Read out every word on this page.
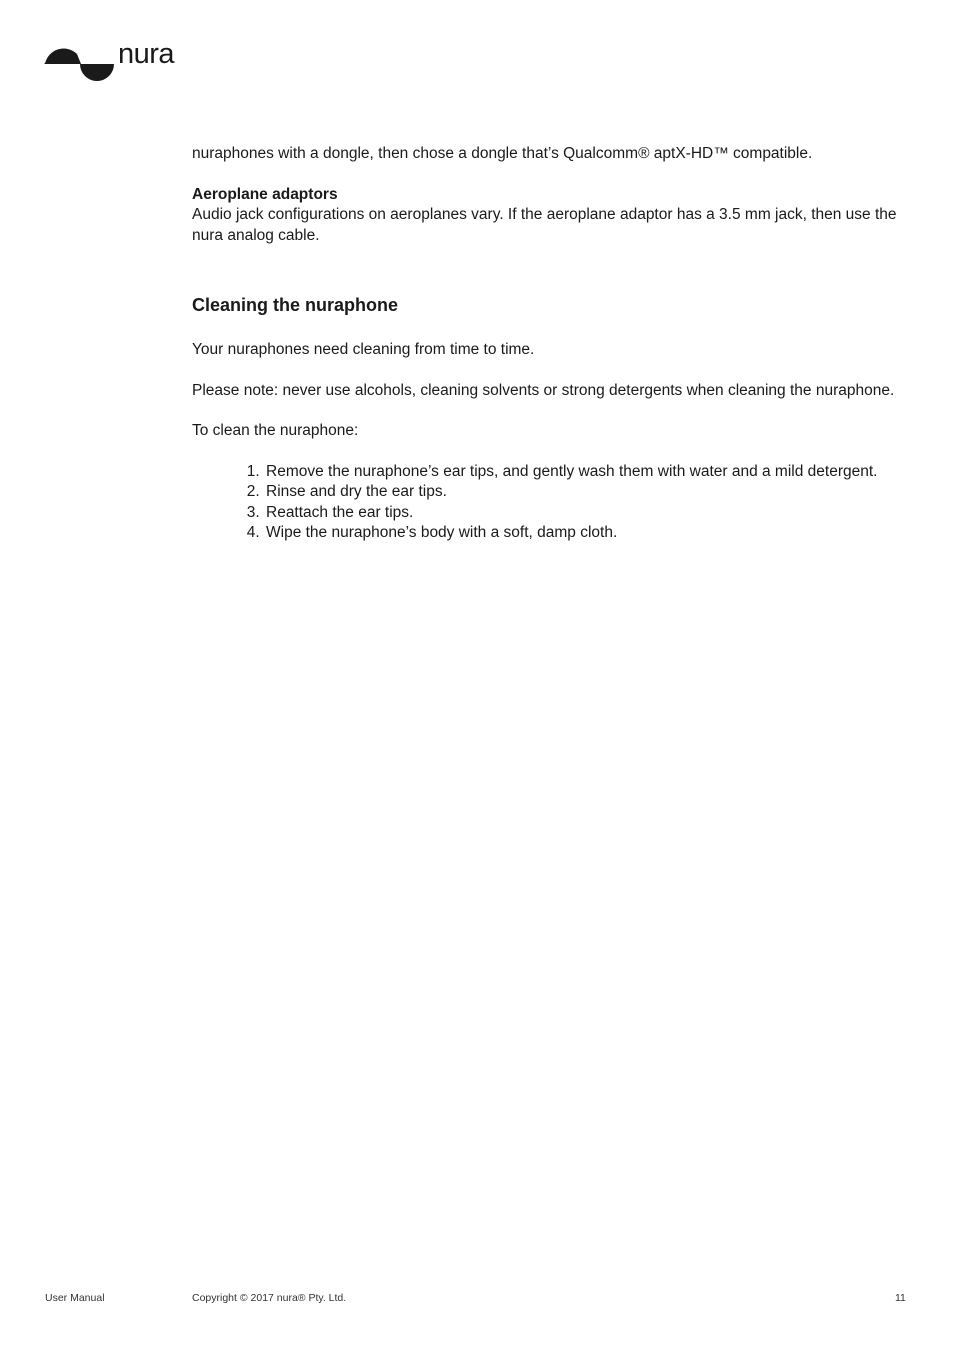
nura

nuraphones with a dongle, then chose a dongle that’s Qualcomm® aptX-HD™ compatible.

Aeroplane adaptors

Audio jack configurations on aeroplanes vary. If the aeroplane adaptor has a 3.5 mm jack, then use the nura analog cable.

Cleaning the nuraphone

Your nuraphones need cleaning from time to time.

Please note: never use alcohols, cleaning solvents or strong detergents when cleaning the nuraphone.

To clean the nuraphone:

1. Remove the nuraphone’s ear tips, and gently wash them with water and a mild detergent.
2. Rinse and dry the ear tips.
3. Reattach the ear tips.
4. Wipe the nuraphone’s body with a soft, damp cloth.
User Manual	Copyright © 2017 nura® Pty. Ltd.	11
